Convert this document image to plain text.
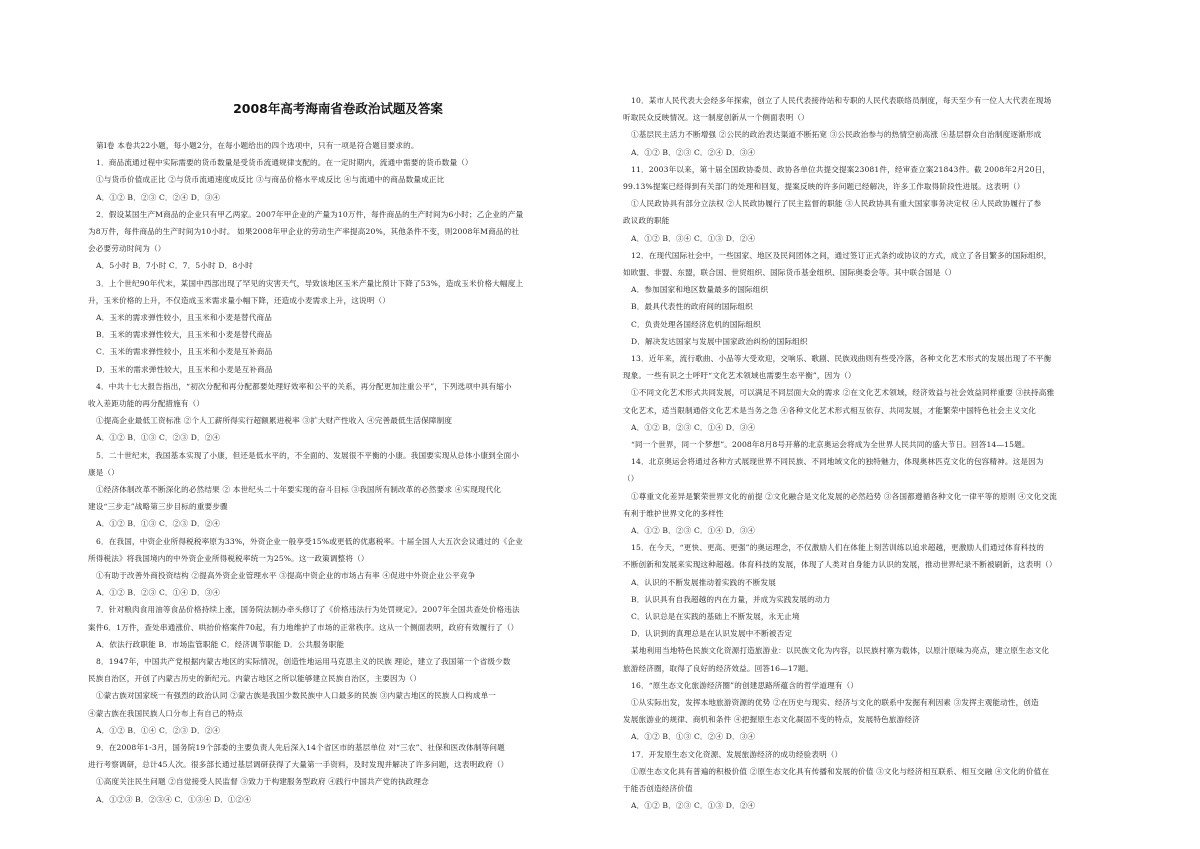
2008年高考海南省卷政治试题及答案
第Ⅰ卷 本卷共22小题，每小题2分，在每小题给出的四个选项中，只有一项是符合题目要求的。
1．商品流通过程中实际需要的货币数量是受货币流通规律支配的。在一定时期内，流通中需要的货币数量（）
①与货币价值成正比 ②与货币流通速度成反比 ③与商品价格水平成反比 ④与流通中的商品数量成正比
A．①② B．②③ C．②④ D．③④
2．假设某国生产M商品的企业只有甲乙两家。2007年甲企业的产量为10万件，每件商品的生产时间为6小时；乙企业的产量
为8万件，每件商品的生产时间为10小时。 如果2008年甲企业的劳动生产率提高20%，其他条件不变，则2008年M商品的社
会必要劳动时间为（）
A．5小时 B．7小时 C．7．5小时 D．8小时
3．上个世纪90年代末，某国中西部出现了罕见的灾害天气，导致该地区玉米产量比预计下降了53%，造成玉米价格大幅度上
升，玉米价格的上升，不仅造成玉米需求量小幅下降，还造成小麦需求上升，这说明（）
A．玉米的需求弹性较小，且玉米和小麦是替代商品
B．玉米的需求弹性较大，且玉米和小麦是替代商品
C．玉米的需求弹性较小，且玉米和小麦是互补商品
D．玉米的需求弹性较大，且玉米和小麦是互补商品
4．中共十七大报告指出，“初次分配和再分配都要处理好效率和公平的关系，再分配更加注重公平”，下列选项中具有缩小
收入差距功能的再分配措施有（）
①提高企业最低工资标准 ②个人工薪所得实行超额累进税率 ③扩大财产性收入 ④完善最低生活保障制度
A．①② B．①③ C．②③ D．②④
5．二十世纪末，我国基本实现了小康，但还是低水平的，不全面的、发展很不平衡的小康。我国要实现从总体小康到全面小
康是（）
①经济体制改革不断深化的必然结果 ② 本世纪头二十年要实现的奋斗目标 ③我国所有制改革的必然要求 ④实现现代化
建设“三步走”战略第三步目标的重要步骤
A．①② B．①③ C．②③ D．②④
6．在我国，中资企业所得税税率原为33%，外资企业一般享受15%或更低的优惠税率。十届全国人大五次会议通过的《企业
所得税法》将我国境内的中外资企业所得税税率统一为25%。这一政策调整将（）
①有助于改善外商投资结构 ②提高外资企业管理水平 ③提高中资企业的市场占有率 ④促进中外资企业公平竞争
A．①② B．②③ C．①④ D．③④
7．针对粮肉食用油等食品价格持续上涨，国务院法制办牵头修订了《价格违法行为处罚规定》。2007年全国共查处价格违法
案件6．1万件，查处串通涨价、哄抬价格案件70起，有力地维护了市场的正常秩序。这从一个侧面表明，政府有效履行了（）
A．依法行政职能 B．市场监管职能 C．经济调节职能 D．公共服务职能
8．1947年，中国共产党根据内蒙古地区的实际情况，创造性地运用马克思主义的民族 理论，建立了我国第一个省级少数
民族自治区，开创了内蒙古历史的新纪元。内蒙古地区之所以能够建立民族自治区，主要因为（）
①蒙古族对国家统一有强烈的政治认同 ②蒙古族是我国少数民族中人口最多的民族 ③内蒙古地区的民族人口构成单一
④蒙古族在我国民族人口分布上有自己的特点
A．①② B．①④ C．②③ D．②④
9．在2008年1-3月，国务院19个部委的主要负责人先后深入14个省区市的基层单位 对“三农”、社保和医改体制等问题
进行考察调研，总计45人次。很多部长通过基层调研获得了大量第一手资料，及时发现并解决了许多问题，这表明政府（）
①高度关注民生问题 ②自觉接受人民监督 ③致力于构建服务型政府 ④践行中国共产党的执政理念
A．①②③ B．②③④ C．①③④ D．①②④
10．某市人民代表大会经多年探索，创立了人民代表接待站和专职的人民代表联络员制度，每天至少有一位人大代表在现场
听取民众反映情况。这一制度创新从一个侧面表明（）
①基层民主活力不断增强 ②公民的政治表达渠道不断拓宽 ③公民政治参与的热情空前高涨 ④基层群众自治制度逐渐形成
A．①② B．②③ C．②④ D．③④
11．2003年以来，第十届全国政协委员、政协各单位共提交提案23081件，经审查立案21843件。截 2008年2月20日，
99.13%提案已经得到有关部门的处理和回复，提案反映的许多问题已经解决，许多工作取得阶段性进展。这表明（）
①人民政协具有部分立法权 ②人民政协履行了民主监督的职能 ③人民政协具有重大国家事务决定权 ④人民政协履行了参
政议政的职能
A．①② B．③④ C．①③ D．②④
12．在现代国际社会中，一些国家、地区及民间团体之间，通过签订正式条约或协议的方式，成立了各目繁多的国际组织，
如欧盟、非盟、东盟，联合国、世贸组织、国际货币基金组织、国际奥委会等。其中联合国是（）
A．参加国家和地区数量最多的国际组织
B．最具代表性的政府间的国际组织
C．负责处理各国经济危机的国际组织
D．解决发达国家与发展中国家政治纠纷的国际组织
13．近年来，流行歌曲、小品等大受欢迎，交响乐、歌剧、民族戏曲则有些受冷落，各种文化艺术形式的发展出现了不平衡
现象。一些有识之士呼吁“文化艺术领域也需要生态平衡”，因为（）
①不同文化艺术形式共同发展，可以满足不同层面大众的需求 ②在文化艺术领域，经济效益与社会效益同样重要 ③扶持高雅
文化艺术，适当限制通俗文化艺术是当务之急 ④各种文化艺术形式相互依存、共同发展，才能繁荣中国特色社会主义文化
A．①② B．②③ C．①④ D．③④
“同一个世界，同一个梦想”。2008年8月8号开幕的北京奥运会将成为全世界人民共同的盛大节日。回答14—15题。
14．北京奥运会将通过各种方式展现世界不同民族、不同地域文化的独特魅力，体现奥林匹克文化的包容精神。这是因为
（）
①尊重文化差异是繁荣世界文化的前提 ②文化融合是文化发展的必然趋势 ③各国都遵循各种文化一律平等的原则 ④文化交流
有利于维护世界文化的多样性
A．①② B．②③ C．①④ D．③④
15．在今天，“更快、更高、更强”的奥运理念，不仅激励人们在体能上刻苦训练以追求超越，更激励人们通过体育科技的
不断创新和发展来实现这种超越。体育科技的发展，体现了人类对自身能力认识的发展，推动世界纪录不断被刷新，这表明（）
A．认识的不断发展推动着实践的不断发展
B．认识具有自我超越的内在力量，并成为实践发展的动力
C．认识总是在实践的基础上不断发展，永无止境
D．认识到的真理总是在认识发展中不断被否定
某地利用当地特色民族文化资源打造旅游业：以民族文化为内容，以民族村寨为载体，以原汁原味为亮点，建立原生态文化
旅游经济圈，取得了良好的经济效益。回答16—17题。
16．“原生态文化旅游经济圈”的创建思路所蕴含的哲学道理有（）
①从实际出发，发挥本地旅游资源的优势 ②在历史与现实、经济与文化的联系中发掘有利因素 ③发挥主观能动性，创造
发展旅游业的规律、商机和条件 ④把握原生态文化凝固不变的特点，发展特色旅游经济
A．①② B．①③ C．②④ D．③④
17．开发原生态文化资源、发展旅游经济的成功经验表明（）
①原生态文化具有普遍的积极价值 ②原生态文化具有传播和发展的价值 ③文化与经济相互联系、相互交融 ④文化的价值在
于能否创造经济价值
A．①② B．②③ C．①③ D．②④
